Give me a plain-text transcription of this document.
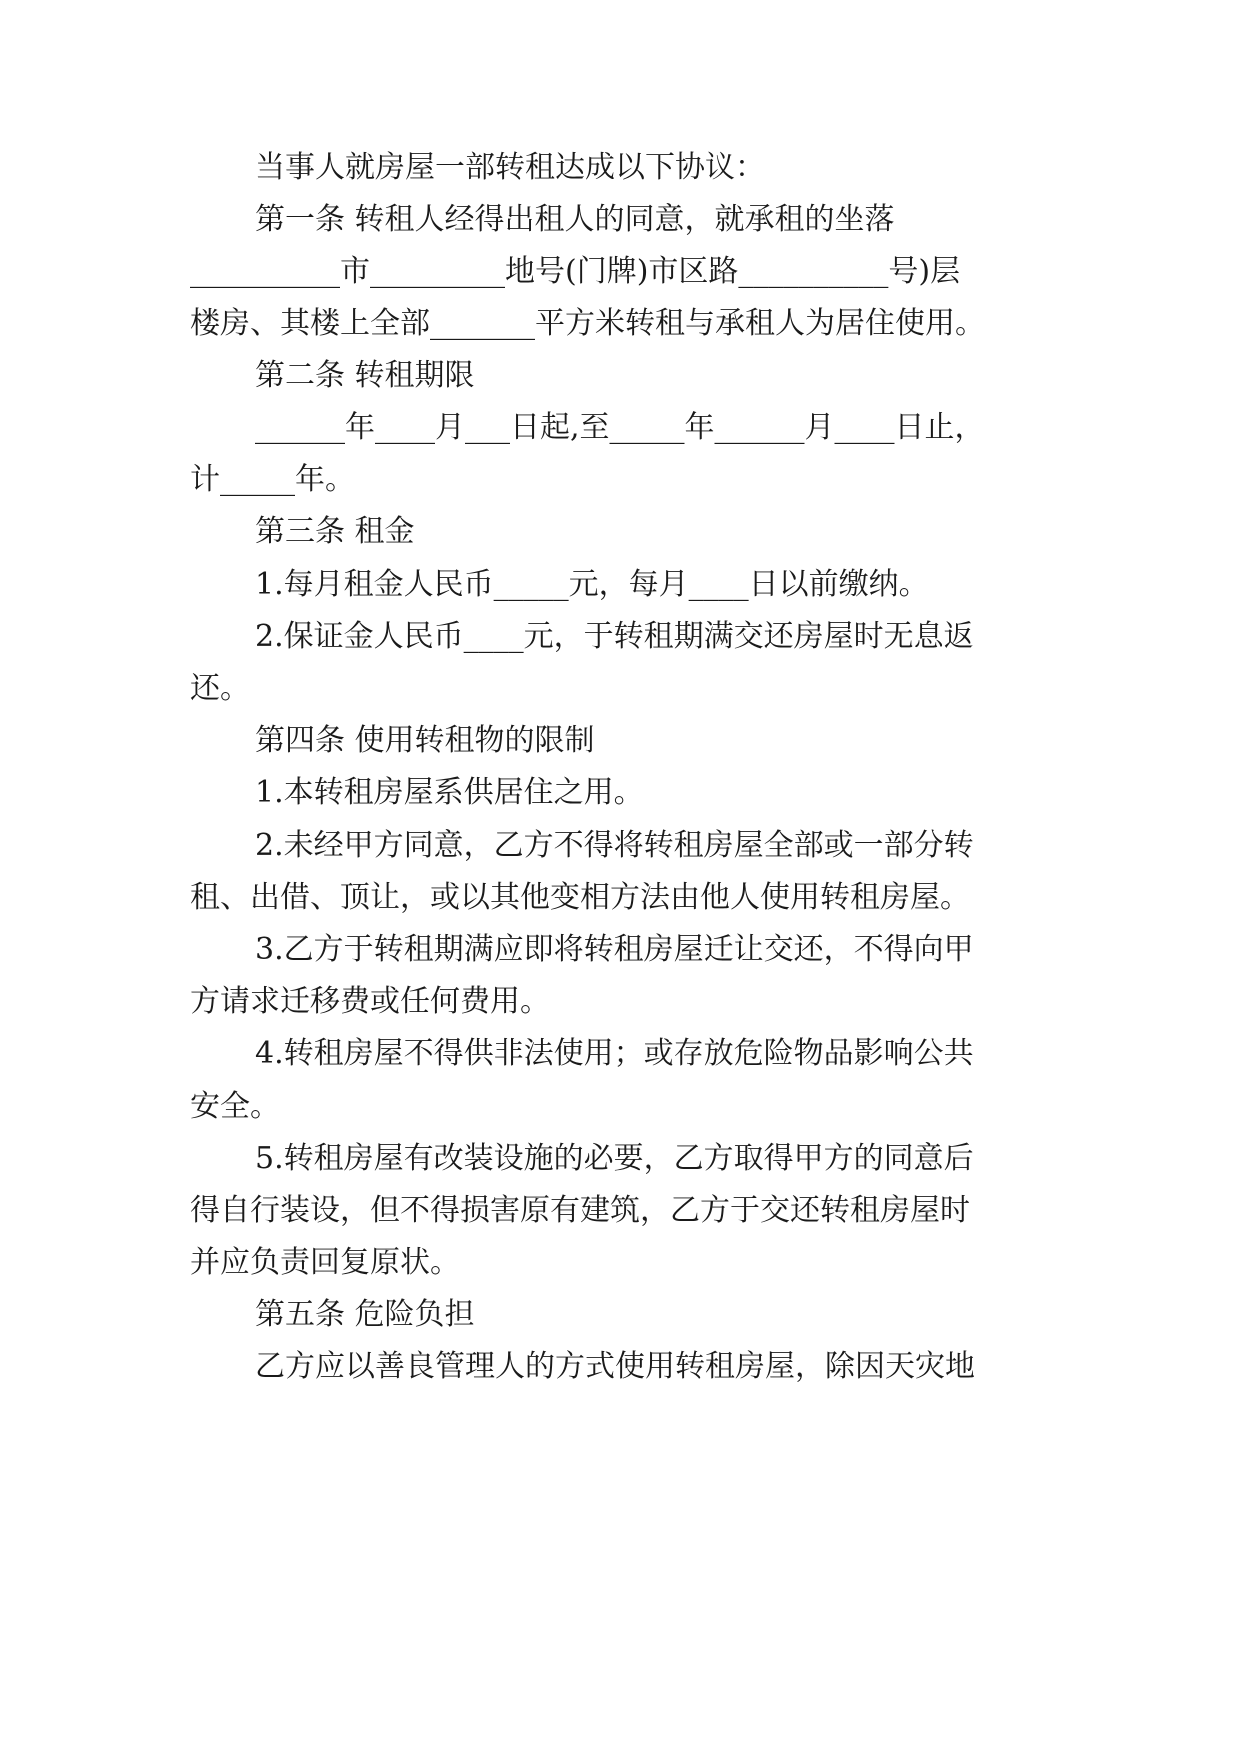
当事人就房屋一部转租达成以下协议：

第一条 转租人经得出租人的同意，就承租的坐落

__________市_________地号(门牌)市区路__________号)层

楼房、其楼上全部_______平方米转租与承租人为居住使用。

第二条 转租期限

______年____月___日起,至_____年______月____日止，

计_____年。

第三条 租金

1.每月租金人民币_____元，每月____日以前缴纳。

2.保证金人民币____元，于转租期满交还房屋时无息返

还。

第四条 使用转租物的限制

1.本转租房屋系供居住之用。

2.未经甲方同意，乙方不得将转租房屋全部或一部分转

租、出借、顶让，或以其他变相方法由他人使用转租房屋。

3.乙方于转租期满应即将转租房屋迁让交还，不得向甲

方请求迁移费或任何费用。

4.转租房屋不得供非法使用；或存放危险物品影响公共

安全。

5.转租房屋有改装设施的必要，乙方取得甲方的同意后

得自行装设，但不得损害原有建筑，乙方于交还转租房屋时

并应负责回复原状。

第五条 危险负担

乙方应以善良管理人的方式使用转租房屋，除因天灾地
